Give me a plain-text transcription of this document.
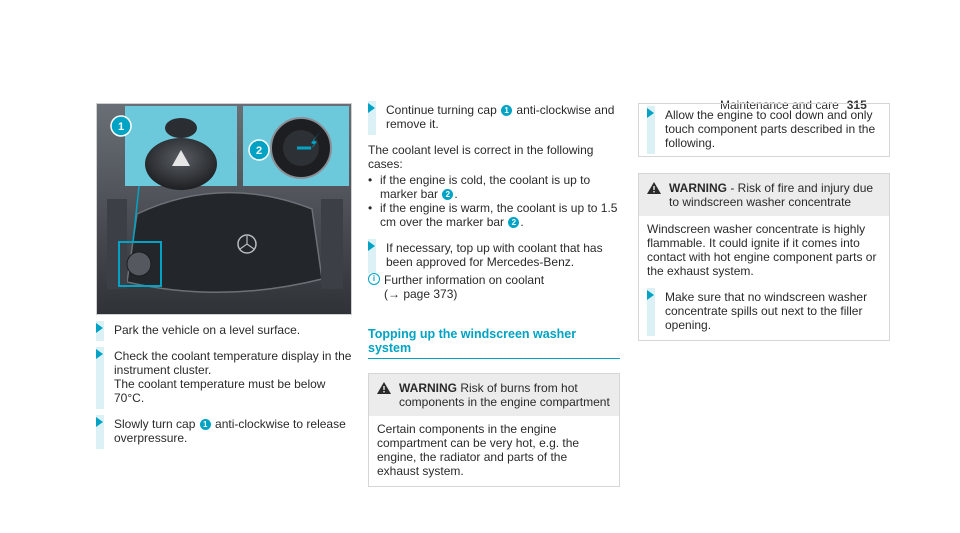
Maintenance and care 315
1
2
Park the vehicle on a level surface.
Check the coolant temperature display in the instrument cluster.
The coolant temperature must be below 70°C.
Slowly turn cap 1 anti-clockwise to release overpressure.
Continue turning cap 1 anti-clockwise and remove it.
The coolant level is correct in the following cases:
• if the engine is cold, the coolant is up to marker bar 2 .
• if the engine is warm, the coolant is up to 1.5 cm over the marker bar 2 .
If necessary, top up with coolant that has been approved for Mercedes-Benz.
i Further information on coolant
(→ page 373)
Topping up the windscreen washer system
WARNING Risk of burns from hot components in the engine compartment
Certain components in the engine compartment can be very hot, e.g. the engine, the radiator and parts of the exhaust system.
Allow the engine to cool down and only touch component parts described in the following.
WARNING - Risk of fire and injury due to windscreen washer concentrate
Windscreen washer concentrate is highly flammable. It could ignite if it comes into contact with hot engine component parts or the exhaust system.
Make sure that no windscreen washer concentrate spills out next to the filler opening.
